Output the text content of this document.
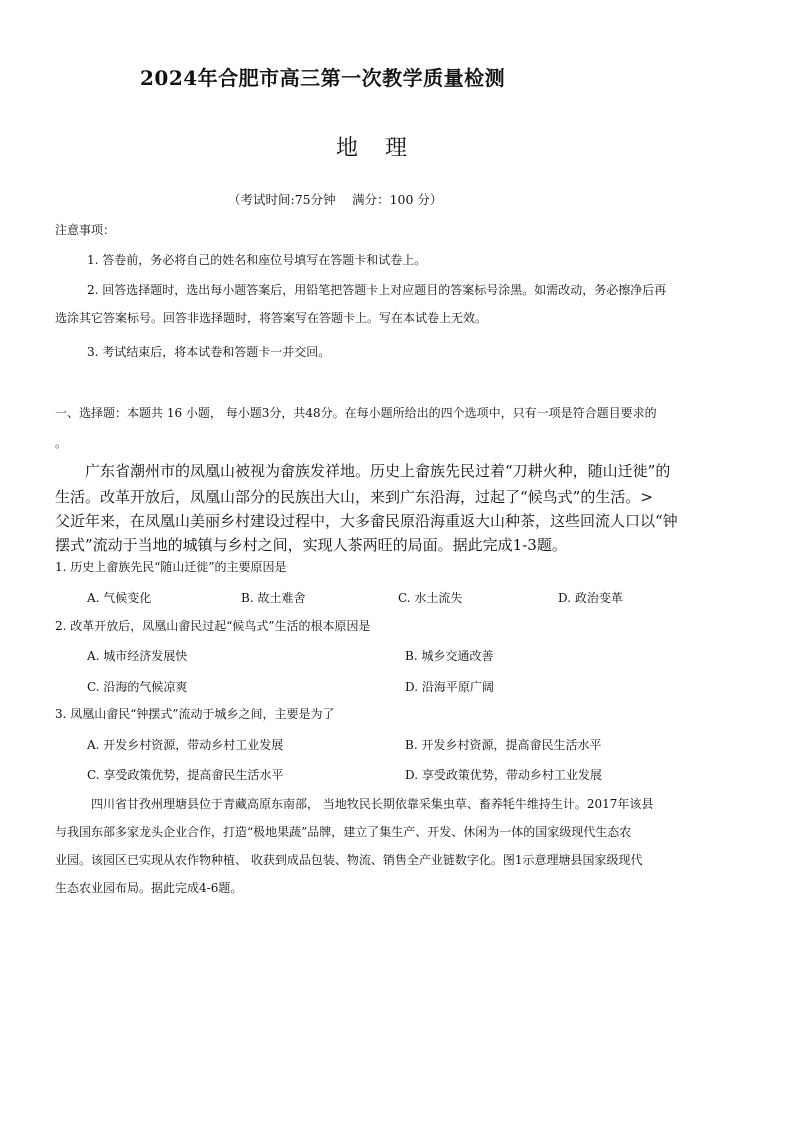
2024年合肥市高三第一次教学质量检测
地 理
（考试时间:75分钟　 满分：100 分）
注意事项：
1. 答卷前，务必将自己的姓名和座位号填写在答题卡和试卷上。
2. 回答选择题时，选出每小题答案后，用铅笔把答题卡上对应题目的答案标号涂黑。如需改动，务必擦净后再
选涂其它答案标号。回答非选择题时，将答案写在答题卡上。写在本试卷上无效。
3. 考试结束后，将本试卷和答题卡一并交回。
一、选择题：本题共 16 小题， 每小题3分，共48分。在每小题所给出的四个选项中，只有一项是符合题目要求的
。
　　广东省潮州市的凤凰山被视为畲族发祥地。历史上畲族先民过着“刀耕火种，随山迁徙”的
生活。改革开放后，凤凰山部分的民族出大山，来到广东沿海，过起了“候鸟式”的生活。>
父近年来，在凤凰山美丽乡村建设过程中，大多畲民原沿海重返大山种茶，这些回流人口以“钟
摆式”流动于当地的城镇与乡村之间，实现人茶两旺的局面。据此完成1-3题。
1. 历史上畲族先民“随山迁徙”的主要原因是
A. 气候变化	B. 故土难舍	C. 水土流失	D. 政治变革
2. 改革开放后，凤凰山畲民过起“候鸟式”生活的根本原因是
A. 城市经济发展快	B. 城乡交通改善
C. 沿海的气候凉爽	D. 沿海平原广阔
3. 凤凰山畲民“钟摆式”流动于城乡之间，主要是为了
A. 开发乡村资源，带动乡村工业发展	B. 开发乡村资源，提高畲民生活水平
C. 享受政策优势，提高畲民生活水平	D. 享受政策优势，带动乡村工业发展
　　　四川省甘孜州理塘县位于青藏高原东南部， 当地牧民长期依靠采集虫草、畜养牦牛维持生计。2017年该县
与我国东部多家龙头企业合作，打造“极地果蔬”品牌，建立了集生产、开发、休闲为一体的国家级现代生态农
业园。该园区已实现从农作物种植、 收获到成品包装、物流、销售全产业链数字化。图1示意理塘县国家级现代
生态农业园布局。据此完成4-6题。
